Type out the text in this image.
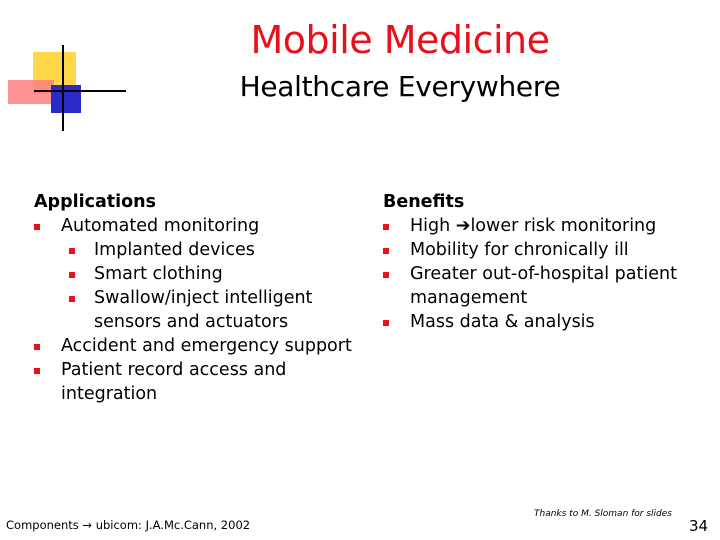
Mobile Medicine
Healthcare Everywhere
Applications
Automated monitoring
Implanted devices
Smart clothing
Swallow/inject intelligent sensors and actuators
Accident and emergency support
Patient record access and integration
Benefits
High ➔lower risk monitoring
Mobility for chronically ill
Greater out-of-hospital patient management
Mass data & analysis
Components → ubicom: J.A.Mc.Cann, 2002
Thanks to M. Sloman for slides
34
